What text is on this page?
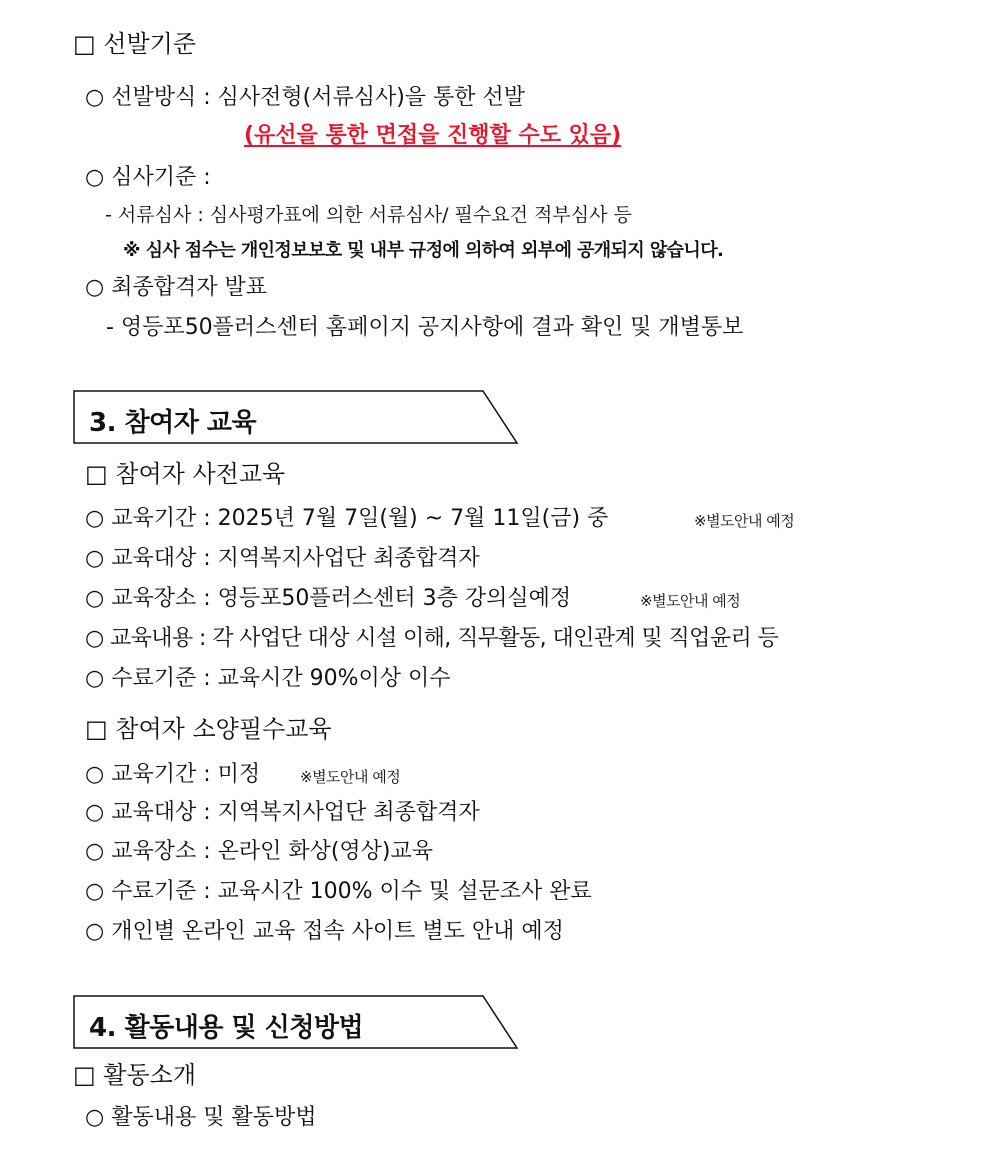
□ 선발기준
○ 선발방식 : 심사전형(서류심사)을 통한 선발
(유선을 통한 면접을 진행할 수도 있음)
○ 심사기준 :
- 서류심사 : 심사평가표에 의한 서류심사/ 필수요건 적부심사 등
※ 심사 점수는 개인정보보호 및 내부 규정에 의하여 외부에 공개되지 않습니다.
○ 최종합격자 발표
- 영등포50플러스센터 홈페이지 공지사항에 결과 확인 및 개별통보
3. 참여자 교육
□ 참여자 사전교육
○ 교육기간 : 2025년 7월 7일(월) ~ 7월 11일(금) 중	※별도안내 예정
○ 교육대상 : 지역복지사업단 최종합격자
○ 교육장소 : 영등포50플러스센터 3층 강의실예정	※별도안내 예정
○ 교육내용 : 각 사업단 대상 시설 이해, 직무활동, 대인관계 및 직업윤리 등
○ 수료기준 : 교육시간 90%이상 이수
□ 참여자 소양필수교육
○ 교육기간 : 미정	※별도안내 예정
○ 교육대상 : 지역복지사업단 최종합격자
○ 교육장소 : 온라인 화상(영상)교육
○ 수료기준 : 교육시간 100% 이수 및 설문조사 완료
○ 개인별 온라인 교육 접속 사이트 별도 안내 예정
4. 활동내용 및 신청방법
□ 활동소개
○ 활동내용 및 활동방법
